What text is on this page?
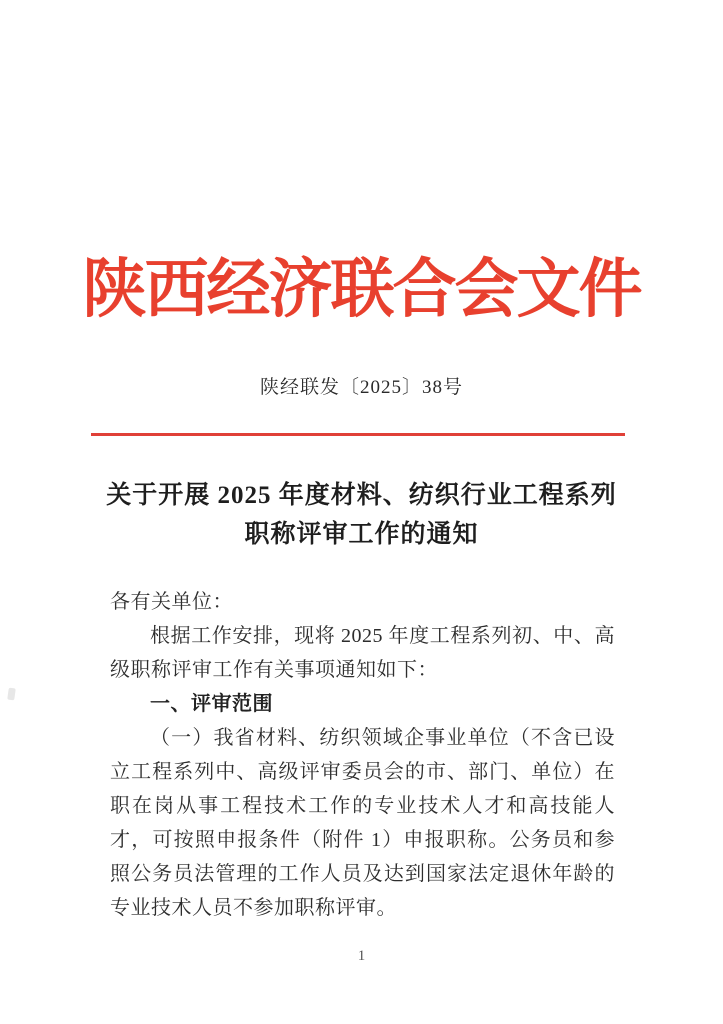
陕西经济联合会文件
陕经联发〔2025〕38号
关于开展 2025 年度材料、纺织行业工程系列
职称评审工作的通知

各有关单位：

根据工作安排，现将 2025 年度工程系列初、中、高级职称评审工作有关事项通知如下：

一、评审范围

（一）我省材料、纺织领域企事业单位（不含已设立工程系列中、高级评审委员会的市、部门、单位）在职在岗从事工程技术工作的专业技术人才和高技能人才，可按照申报条件（附件 1）申报职称。公务员和参照公务员法管理的工作人员及达到国家法定退休年龄的专业技术人员不参加职称评审。

1
